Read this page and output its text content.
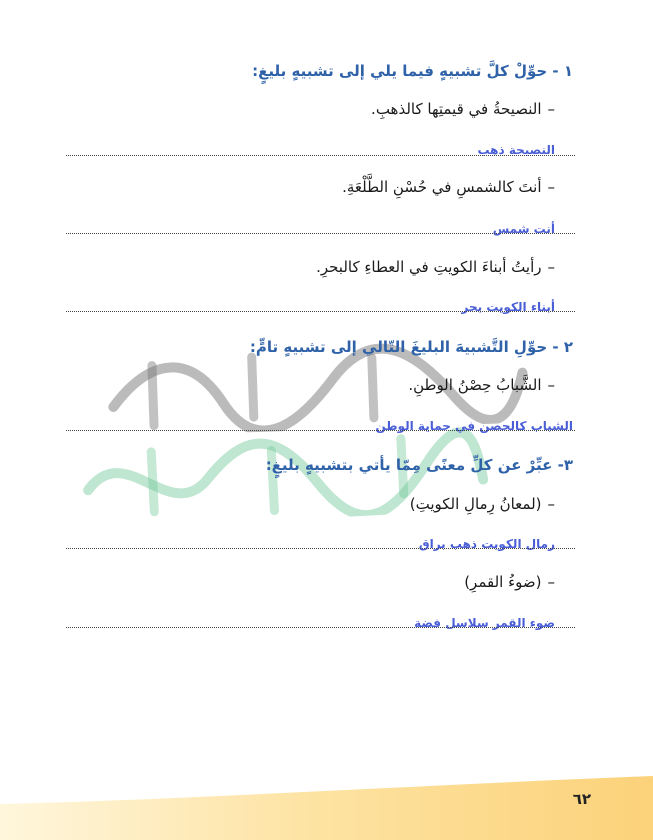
١ - حوِّلْ كلَّ تشبيهٍ فيما يلي إلى تشبيهٍ بليغٍ:
–النصيحةُ في قيمتِها كالذهبِ.
النصيحة ذهب
–أنتَ كالشمسِ في حُسْنِ الطَّلْعَةِ.
أنت شمس
–رأيتُ أبناءَ الكويتِ في العطاءِ كالبحرِ.
أبناء الكويت بحر
٢ - حوِّلِ التَّشبيهَ البليغَ التّالي إلى تشبيهٍ تامٍّ:
–الشَّبابُ حِصْنُ الوطنِ.
الشباب كالحصن في حماية الوطن
٣- عبِّرْ عن كلِّ معنًى مِمّا يأتي بتشبيهٍ بليغٍ:
–(لمعانُ رِمالِ الكويتِ)
رمال الكويت ذهب براق
–(ضوءُ القمرِ)
ضوء القمر سلاسل فضة
٦٢
